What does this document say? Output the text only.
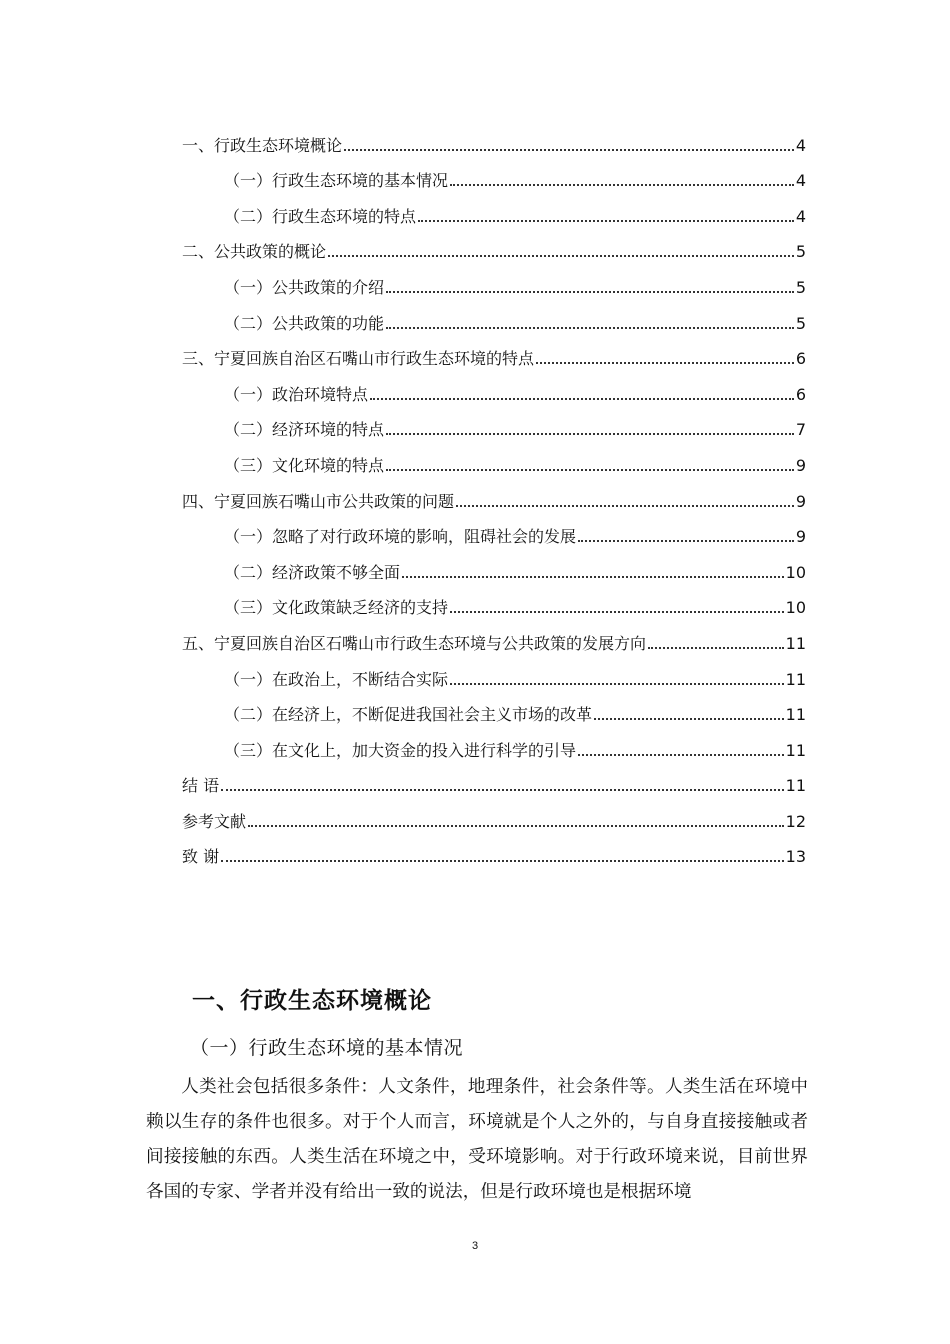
一、行政生态环境概论	4
（一）行政生态环境的基本情况	4
（二）行政生态环境的特点	4
二、公共政策的概论	5
（一）公共政策的介绍	5
（二）公共政策的功能	5
三、宁夏回族自治区石嘴山市行政生态环境的特点	6
（一）政治环境特点	6
（二）经济环境的特点	7
（三）文化环境的特点	9
四、宁夏回族石嘴山市公共政策的问题	9
（一）忽略了对行政环境的影响，阻碍社会的发展	9
（二）经济政策不够全面	10
（三）文化政策缺乏经济的支持	10
五、宁夏回族自治区石嘴山市行政生态环境与公共政策的发展方向	11
（一）在政治上，不断结合实际	11
（二）在经济上，不断促进我国社会主义市场的改革	11
（三）在文化上，加大资金的投入进行科学的引导	11
结 语	11
参考文献	12
致 谢	13
一、行政生态环境概论
（一）行政生态环境的基本情况
人类社会包括很多条件：人文条件，地理条件，社会条件等。人类生活在环境中赖以生存的条件也很多。对于个人而言，环境就是个人之外的，与自身直接接触或者间接接触的东西。人类生活在环境之中，受环境影响。对于行政环境来说，目前世界各国的专家、学者并没有给出一致的说法，但是行政环境也是根据环境
3
